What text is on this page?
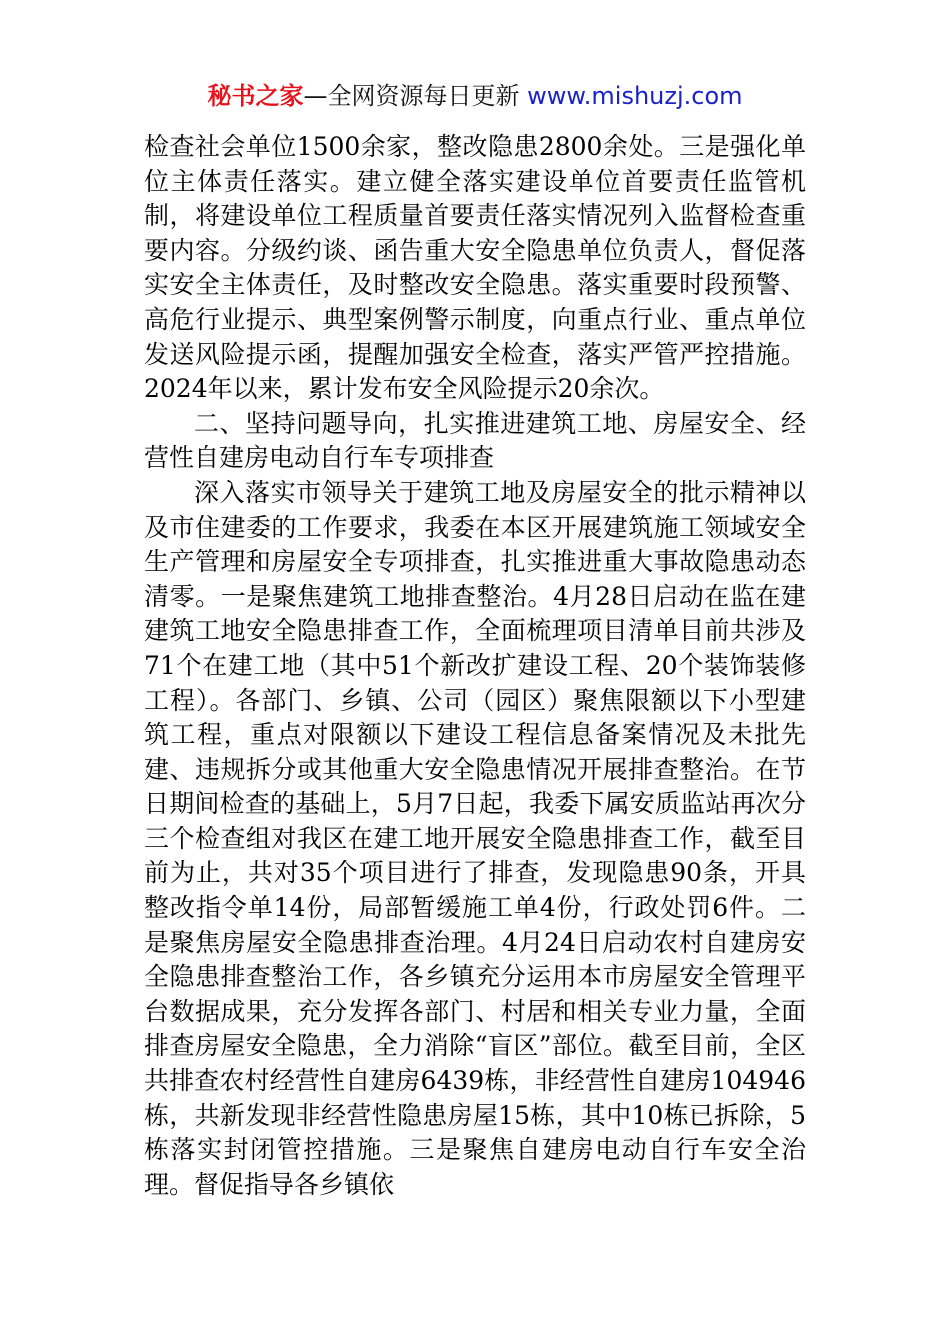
秘书之家—全网资源每日更新 www.mishuzj.com

检查社会单位1500余家，整改隐患2800余处。三是强化单位主体责任落实。建立健全落实建设单位首要责任监管机制，将建设单位工程质量首要责任落实情况列入监督检查重要内容。分级约谈、函告重大安全隐患单位负责人，督促落实安全主体责任，及时整改安全隐患。落实重要时段预警、高危行业提示、典型案例警示制度，向重点行业、重点单位发送风险提示函，提醒加强安全检查，落实严管严控措施。2024年以来，累计发布安全风险提示20余次。

二、坚持问题导向，扎实推进建筑工地、房屋安全、经营性自建房电动自行车专项排查

深入落实市领导关于建筑工地及房屋安全的批示精神以及市住建委的工作要求，我委在本区开展建筑施工领域安全生产管理和房屋安全专项排查，扎实推进重大事故隐患动态清零。一是聚焦建筑工地排查整治。4月28日启动在监在建建筑工地安全隐患排查工作，全面梳理项目清单目前共涉及71个在建工地（其中51个新改扩建设工程、20个装饰装修工程）。各部门、乡镇、公司（园区）聚焦限额以下小型建筑工程，重点对限额以下建设工程信息备案情况及未批先建、违规拆分或其他重大安全隐患情况开展排查整治。在节日期间检查的基础上，5月7日起，我委下属安质监站再次分三个检查组对我区在建工地开展安全隐患排查工作，截至目前为止，共对35个项目进行了排查，发现隐患90条，开具整改指令单14份，局部暂缓施工单4份，行政处罚6件。二是聚焦房屋安全隐患排查治理。4月24日启动农村自建房安全隐患排查整治工作，各乡镇充分运用本市房屋安全管理平台数据成果，充分发挥各部门、村居和相关专业力量，全面排查房屋安全隐患，全力消除“盲区”部位。截至目前，全区共排查农村经营性自建房6439栋，非经营性自建房104946栋，共新发现非经营性隐患房屋15栋，其中10栋已拆除，5栋落实封闭管控措施。三是聚焦自建房电动自行车安全治理。督促指导各乡镇依
